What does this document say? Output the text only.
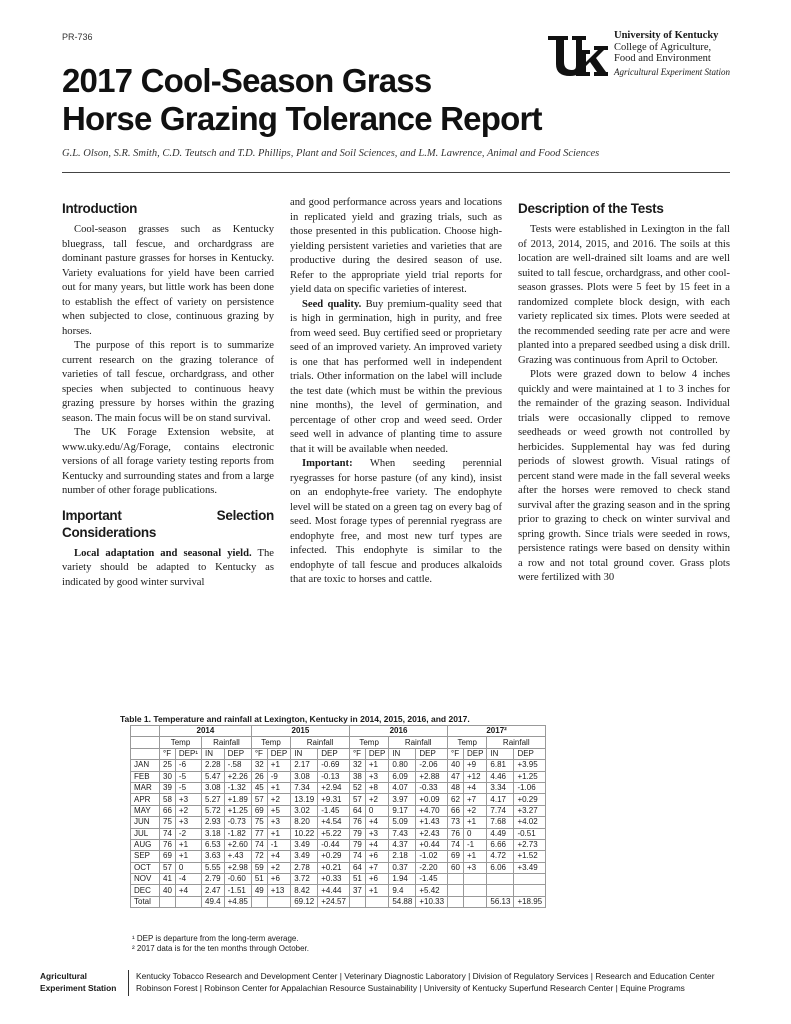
PR-736
2017 Cool-Season Grass
Horse Grazing Tolerance Report
University of Kentucky
College of Agriculture,
Food and Environment
Agricultural Experiment Station
G.L. Olson, S.R. Smith, C.D. Teutsch and T.D. Phillips, Plant and Soil Sciences, and L.M. Lawrence, Animal and Food Sciences
Introduction

Cool-season grasses such as Kentucky bluegrass, tall fescue, and orchardgrass are dominant pasture grasses for horses in Kentucky. Variety evaluations for yield have been carried out for many years, but little work has been done to establish the effect of variety on persistence when subjected to close, continuous grazing by horses.

The purpose of this report is to summarize current research on the grazing tolerance of varieties of tall fescue, orchardgrass, and other species when subjected to continuous heavy grazing pressure by horses within the grazing season. The main focus will be on stand survival.

The UK Forage Extension website, at www.uky.edu/Ag/Forage, contains electronic versions of all forage variety testing reports from Kentucky and surrounding states and from a large number of other forage publications.

Important Selection Considerations

Local adaptation and seasonal yield. The variety should be adapted to Kentucky as indicated by good winter survival

and good performance across years and locations in replicated yield and grazing trials, such as those presented in this publication. Choose high-yielding persistent varieties and varieties that are productive during the desired season of use. Refer to the appropriate yield trial reports for yield data on specific varieties of interest.

Seed quality. Buy premium-quality seed that is high in germination, high in purity, and free from weed seed. Buy certified seed or proprietary seed of an improved variety. An improved variety is one that has performed well in independent trials. Other information on the label will include the test date (which must be within the previous nine months), the level of germination, and percentage of other crop and weed seed. Order seed well in advance of planting time to assure that it will be available when needed.

Important: When seeding perennial ryegrasses for horse pasture (of any kind), insist on an endophyte-free variety. The endophyte level will be stated on a green tag on every bag of seed. Most forage types of perennial ryegrass are endophyte free, and most new turf types are infected. This endophyte is similar to the endophyte of tall fescue and produces alkaloids that are toxic to horses and cattle.

Description of the Tests

Tests were established in Lexington in the fall of 2013, 2014, 2015, and 2016. The soils at this location are well-drained silt loams and are well suited to tall fescue, orchardgrass, and other cool-season grasses. Plots were 5 feet by 15 feet in a randomized complete block design, with each variety replicated six times. Plots were seeded at the recommended seeding rate per acre and were planted into a prepared seedbed using a disk drill. Grazing was continuous from April to October.

Plots were grazed down to below 4 inches quickly and were maintained at 1 to 3 inches for the remainder of the grazing season. Individual trials were occasionally clipped to remove seedheads or weed growth not controlled by herbicides. Supplemental hay was fed during periods of slowest growth. Visual ratings of percent stand were made in the fall several weeks after the horses were removed to check stand survival after the grazing season and in the spring prior to grazing to check on winter survival and spring growth. Since trials were seeded in rows, persistence ratings were based on density within a row and not total ground cover. Grass plots were fertilized with 30

Table 1. Temperature and rainfall at Lexington, Kentucky in 2014, 2015, 2016, and 2017.
	2014				2015				2016				2017²			
	Temp		Rainfall		Temp		Rainfall		Temp		Rainfall		Temp		Rainfall	
	°F	DEP¹	IN	DEP	°F	DEP	IN	DEP	°F	DEP	IN	DEP	°F	DEP	IN	DEP
JAN	25	-6	2.28	-.58	32	+1	2.17	-0.69	32	+1	0.80	-2.06	40	+9	6.81	+3.95
FEB	30	-5	5.47	+2.26	26	-9	3.08	-0.13	38	+3	6.09	+2.88	47	+12	4.46	+1.25
MAR	39	-5	3.08	-1.32	45	+1	7.34	+2.94	52	+8	4.07	-0.33	48	+4	3.34	-1.06
APR	58	+3	5.27	+1.89	57	+2	13.19	+9.31	57	+2	3.97	+0.09	62	+7	4.17	+0.29
MAY	66	+2	5.72	+1.25	69	+5	3.02	-1.45	64	0	9.17	+4.70	66	+2	7.74	+3.27
JUN	75	+3	2.93	-0.73	75	+3	8.20	+4.54	76	+4	5.09	+1.43	73	+1	7.68	+4.02
JUL	74	-2	3.18	-1.82	77	+1	10.22	+5.22	79	+3	7.43	+2.43	76	0	4.49	-0.51
AUG	76	+1	6.53	+2.60	74	-1	3.49	-0.44	79	+4	4.37	+0.44	74	-1	6.66	+2.73
SEP	69	+1	3.63	+.43	72	+4	3.49	+0.29	74	+6	2.18	-1.02	69	+1	4.72	+1.52
OCT	57	0	5.55	+2.98	59	+2	2.78	+0.21	64	+7	0.37	-2.20	60	+3	6.06	+3.49
NOV	41	-4	2.79	-0.60	51	+6	3.72	+0.33	51	+6	1.94	-1.45				
DEC	40	+4	2.47	-1.51	49	+13	8.42	+4.44	37	+1	9.4	+5.42				
Total			49.4	+4.85			69.12	+24.57			54.88	+10.33			56.13	+18.95
¹ DEP is departure from the long-term average.
² 2017 data is for the ten months through October.
Agricultural
Experiment Station
Kentucky Tobacco Research and Development Center | Veterinary Diagnostic Laboratory | Division of Regulatory Services | Research and Education Center
Robinson Forest | Robinson Center for Appalachian Resource Sustainability | University of Kentucky Superfund Research Center | Equine Programs
